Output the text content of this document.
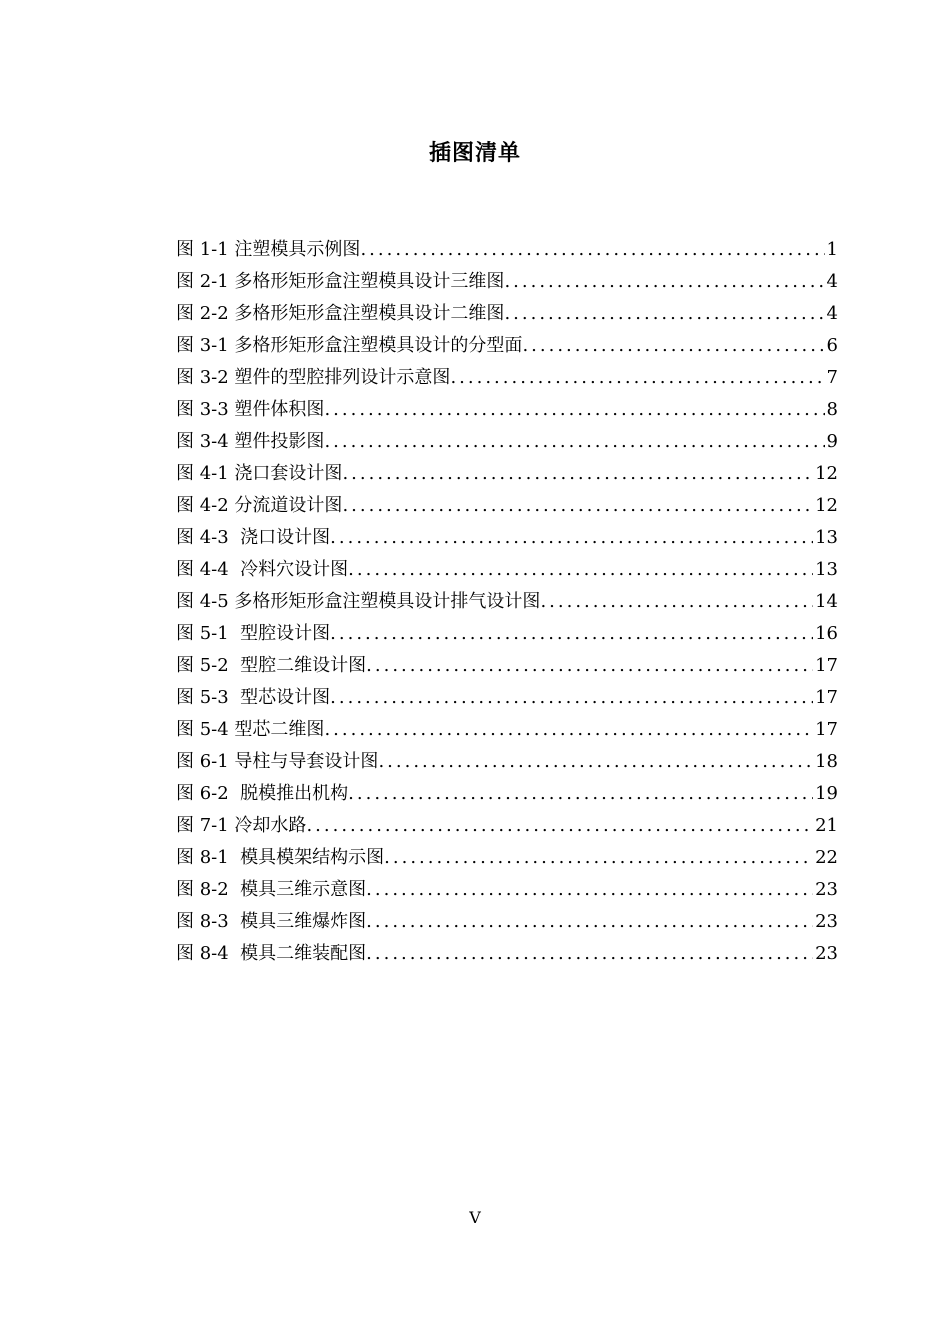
插图清单
图 1-1 注塑模具示例图 .....	1
图 2-1 多格形矩形盒注塑模具设计三维图 .....	4
图 2-2 多格形矩形盒注塑模具设计二维图 .....	4
图 3-1 多格形矩形盒注塑模具设计的分型面 .....	6
图 3-2 塑件的型腔排列设计示意图 .....	7
图 3-3 塑件体积图 .....	8
图 3-4 塑件投影图 .....	9
图 4-1 浇口套设计图 .....	12
图 4-2 分流道设计图 .....	12
图 4-3  浇口设计图 .....	13
图 4-4  冷料穴设计图 .....	13
图 4-5 多格形矩形盒注塑模具设计排气设计图 .....	14
图 5-1  型腔设计图 .....	16
图 5-2  型腔二维设计图 .....	17
图 5-3  型芯设计图 .....	17
图 5-4 型芯二维图 .....	17
图 6-1 导柱与导套设计图 .....	18
图 6-2  脱模推出机构 .....	19
图 7-1 冷却水路 .....	21
图 8-1  模具模架结构示图 .....	22
图 8-2  模具三维示意图 .....	23
图 8-3  模具三维爆炸图 .....	23
图 8-4  模具二维装配图 .....	23
V
